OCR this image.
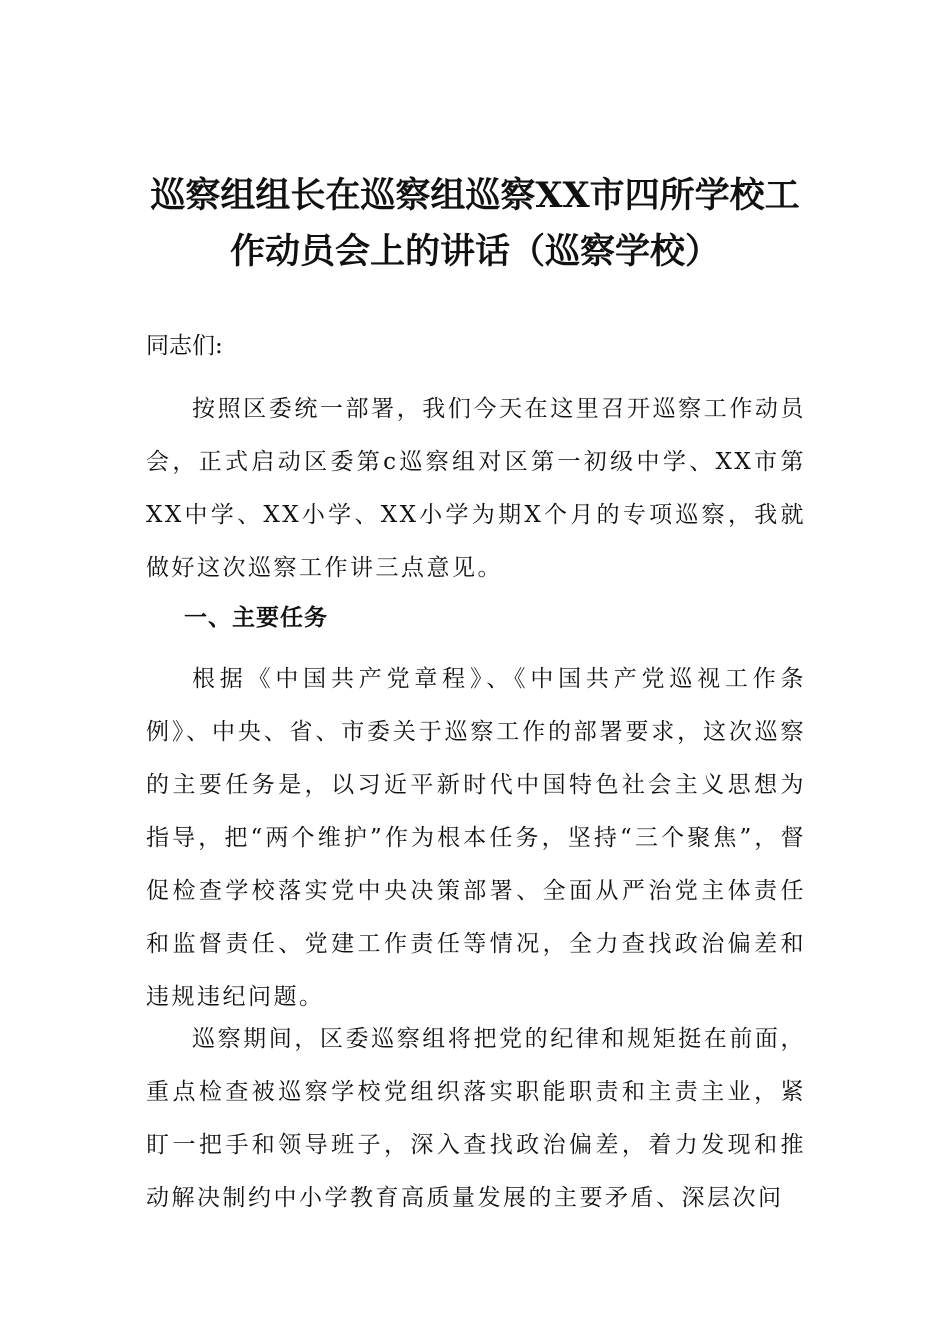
巡察组组长在巡察组巡察XX市四所学校工
作动员会上的讲话（巡察学校）
同志们:

按照区委统一部署，我们今天在这里召开巡察工作动员会，正式启动区委第c巡察组对区第一初级中学、XX市第XX中学、XX小学、XX小学为期X个月的专项巡察，我就做好这次巡察工作讲三点意见。

一、主要任务

根据《中国共产党章程》、《中国共产党巡视工作条例》、中央、省、市委关于巡察工作的部署要求，这次巡察的主要任务是，以习近平新时代中国特色社会主义思想为指导，把“两个维护”作为根本任务，坚持“三个聚焦”，督促检查学校落实党中央决策部署、全面从严治党主体责任和监督责任、党建工作责任等情况，全力查找政治偏差和违规违纪问题。

巡察期间，区委巡察组将把党的纪律和规矩挺在前面，重点检查被巡察学校党组织落实职能职责和主责主业，紧盯一把手和领导班子，深入查找政治偏差，着力发现和推动解决制约中小学教育高质量发展的主要矛盾、深层次问
